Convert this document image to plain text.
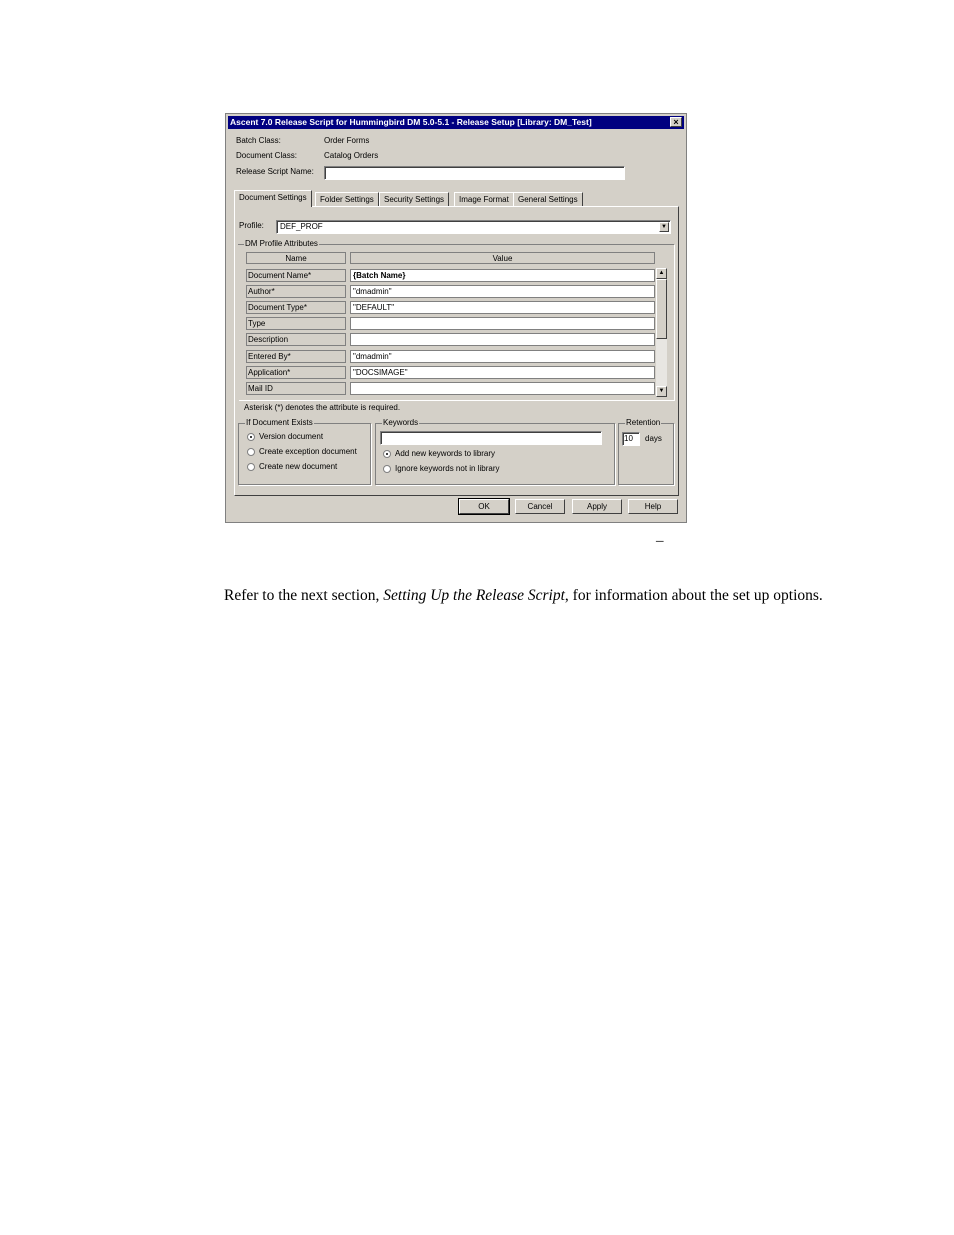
Ascent 7.0 Release Script for Hummingbird DM 5.0-5.1 - Release Setup [Library: DM_Test]	×
Batch Class:	Order Forms
Document Class:	Catalog Orders
Release Script Name:
Document Settings	Folder Settings	Security Settings	Image Format	General Settings
Profile:	DEF_PROF	▼
DM Profile Attributes
Name	Value
Document Name*	{Batch Name}
Author*	"dmadmin"
Document Type*	"DEFAULT"
Type
Description
Entered By*	"dmadmin"
Application*	"DOCSIMAGE"
Mail ID
▲
▼
Asterisk (*) denotes the attribute is required.
If Document Exists
Version document
Create exception document
Create new document
Keywords
Add new keywords to library
Ignore keywords not in library
Retention
10	days
OK	Cancel	Apply	Help
–
Refer to the next section, Setting Up the Release Script, for information about the set up options.
